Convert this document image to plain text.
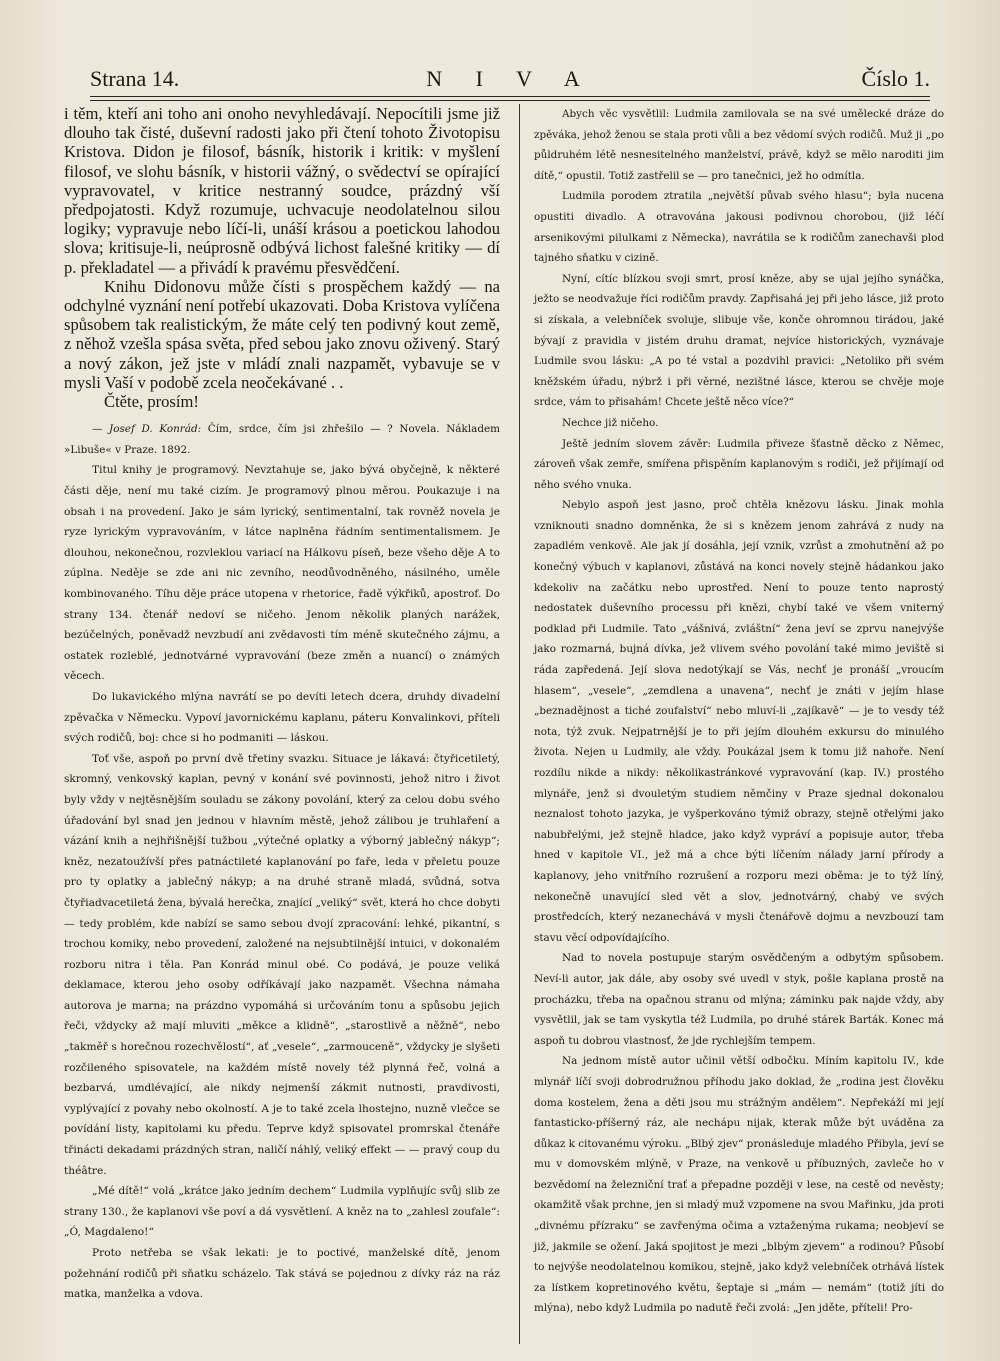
Strana 14.	N I V A	Číslo 1.

i těm, kteří ani toho ani onoho nevyhledávají. Nepocítili jsme již dlouho tak čisté, duševní radosti jako při čtení tohoto Životopisu Kristova. Didon je filosof, básník, historik i kritik: v myšlení filosof, ve slohu básník, v historii vážný, o svědectví se opírající vypravovatel, v kritice nestranný soudce, prázdný vší předpojatosti. Když rozumuje, uchvacuje neodolatelnou silou logiky; vypravuje nebo líčí-li, unáší krásou a poetickou lahodou slova; kritisuje-li, neúprosně odbývá lichost falešné kritiky — dí p. překladatel — a přivádí k pravému přesvědčení.

Knihu Didonovu může čísti s prospěchem každý — na odchylné vyznání není potřebí ukazovati. Doba Kristova vylíčena spůsobem tak realistickým, že máte celý ten podivný kout země, z něhož vzešla spása světa, před sebou jako znovu oživený. Starý a nový zákon, jež jste v mládí znali nazpamět, vybavuje se v mysli Vaší v podobě zcela neočekávané . .

Čtěte, prosím!

— Josef D. Konrád: Čím, srdce, čím jsi zhřešilo — ? Novela. Nákladem »Libuše« v Praze. 1892.

Titul knihy je programový. Nevztahuje se, jako bývá obyčejně, k některé části děje, není mu také cizím. Je programový plnou měrou. Poukazuje i na obsah i na provedení. Jako je sám lyrický, sentimentalní, tak rovněž novela je ryze lyrickým vypravováním, v látce naplněna řádním sentimentalismem. Je dlouhou, nekonečnou, rozvleklou variací na Hálkovu píseň, beze všeho děje A to zúplna. Neděje se zde ani nic zevního, neodůvodněného, násilného, uměle kombinovaného. Tíhu děje práce utopena v rhetorice, řadě výkřiků, apostrof. Do strany 134. čtenář nedoví se ničeho. Jenom několik planých narážek, bezúčelných, poněvadž nevzbudí ani zvědavosti tím méně skutečného zájmu, a ostatek rozleblé, jednotvárné vypravování (beze změn a nuancí) o známých věcech.

Do lukavického mlýna navrátí se po devíti letech dcera, druhdy divadelní zpěvačka v Německu. Vypoví javornickému kaplanu, páteru Konvalinkovi, příteli svých rodičů, boj: chce si ho podmaniti — láskou.

Toť vše, aspoň po první dvě třetiny svazku. Situace je lákavá: čtyřicetiletý, skromný, venkovský kaplan, pevný v konání své povinnosti, jehož nitro i život byly vždy v nejtěsnějším souladu se zákony povolání, který za celou dobu svého úřadování byl snad jen jednou v hlavním městě, jehož zálibou je truhlaření a vázání knih a nejhřišnější tužbou „výtečné oplatky a výborný jablečný nákyp“; kněz, nezatoužívší přes patnáctileté kaplanování po faře, leda v přeletu pouze pro ty oplatky a jablečný nákyp; a na druhé straně mladá, svůdná, sotva čtyřiadvacetiletá žena, bývalá herečka, znající „veliký“ svět, která ho chce dobyti — tedy problém, kde nabízí se samo sebou dvojí zpracování: lehké, pikantní, s trochou komiky, nebo provedení, založené na nejsubtilnější intuici, v dokonalém rozboru nitra i těla. Pan Konrád minul obé. Co podává, je pouze veliká deklamace, kterou jeho osoby odříkávají jako nazpamět. Všechna námaha autorova je marna; na prázdno vypomáhá si určováním tonu a spůsobu jejich řeči, vždycky až mají mluviti „měkce a klidně“, „starostlivě a něžně“, nebo „takměř s horečnou rozechvělostí“, ať „vesele“, „zarmouceně“, vždycky je slyšeti rozčileného spisovatele, na každém místě novely též plynná řeč, volná a bezbarvá, umdlévající, ale nikdy nejmenší zákmit nutnosti, pravdivosti, vyplývající z povahy nebo okolností. A je to také zcela lhostejno, nuzně vlečce se povídání listy, kapitolami ku předu. Teprve když spisovatel promrskal čtenáře třinácti dekadami prázdných stran, naličí náhlý, veliký effekt — — pravý coup du théâtre.

„Mé dítě!“ volá „krátce jako jedním dechem“ Ludmila vyplňujíc svůj slib ze strany 130., že kaplanovi vše poví a dá vysvětlení. A kněz na to „zahlesl zoufale“: „Ó, Magdaleno!“

Proto netřeba se však lekati: je to poctivé, manželské dítě, jenom požehnání rodičů při sňatku scházelo. Tak stává se pojednou z dívky ráz na ráz matka, manželka a vdova.

Abych věc vysvětlil: Ludmila zamilovala se na své umělecké dráze do zpěváka, jehož ženou se stala proti vůli a bez vědomí svých rodičů. Muž ji „po půldruhém létě nesnesitelného manželství, právě, když se mělo naroditi jim dítě,“ opustil. Totiž zastřelil se — pro tanečnici, jež ho odmítla.

Ludmila porodem ztratila „největší půvab svého hlasu“; byla nucena opustiti divadlo. A otravována jakousi podivnou chorobou, (již léčí arsenikovými pilulkami z Německa), navrátila se k rodičům zanechavši plod tajného sňatku v cizině.

Nyní, cítíc blízkou svoji smrt, prosí kněze, aby se ujal jejího synáčka, ježto se neodvažuje říci rodičům pravdy. Zapřisahá jej při jeho lásce, již proto si získala, a velebníček svoluje, slibuje vše, konče ohromnou tirádou, jaké bývají z pravidla v jistém druhu dramat, nejvíce historických, vyznávaje Ludmile svou lásku: „A po té vstal a pozdvihl pravici: „Netoliko při svém kněžském úřadu, nýbrž i při věrné, nezištné lásce, kterou se chvěje moje srdce, vám to přisahám! Chcete ještě něco více?“

Nechce již ničeho.

Ještě jedním slovem závěr: Ludmila přiveze šťastně děcko z Němec, zároveň však zemře, smířena přispěním kaplanovým s rodiči, jež přijímají od něho svého vnuka.

Nebylo aspoň jest jasno, proč chtěla knězovu lásku. Jinak mohla vzniknouti snadno domněnka, že si s knězem jenom zahrává z nudy na zapadlém venkově. Ale jak jí dosáhla, její vznik, vzrůst a zmohutnění až po konečný výbuch v kaplanovi, zůstává na konci novely stejně hádankou jako kdekoliv na začátku nebo uprostřed. Není to pouze tento naprostý nedostatek duševního processu při knězi, chybí také ve všem vniterný podklad při Ludmile. Tato „vášnivá, zvláštní“ žena jeví se zprvu nanejvýše jako rozmarná, bujná dívka, jež vlivem svého povolání také mimo jeviště si ráda zapředená. Její slova nedotýkají se Vás, nechť je pronáší „vroucím hlasem“, „vesele“, „zemdlena a unavena“, nechť je znáti v jejím hlase „beznadějnost a tiché zoufalství“ nebo mluví-li „zajíkavě“ — je to vesdy též nota, týž zvuk. Nejpatrnější je to při jejím dlouhém exkursu do minulého života. Nejen u Ludmily, ale vždy. Poukázal jsem k tomu již nahoře. Není rozdílu nikde a nikdy: několikastránkové vypravování (kap. IV.) prostého mlynáře, jenž si dvouletým studiem němčiny v Praze sjednal dokonalou neznalost tohoto jazyka, je vyšperkováno týmiž obrazy, stejně otřelými jako nabubřelými, jež stejně hladce, jako když vypráví a popisuje autor, třeba hned v kapitole VI., jež má a chce býti líčením nálady jarní přírody a kaplanovy, jeho vnitřního rozrušení a rozporu mezi oběma: je to týž líný, nekonečně unavující sled vět a slov, jednotvárný, chabý ve svých prostředcích, který nezanechává v mysli čtenářově dojmu a nevzbouzí tam stavu věcí odpovídajícího.

Nad to novela postupuje starým osvědčeným a odbytým spůsobem. Neví-li autor, jak dále, aby osoby své uvedl v styk, pošle kaplana prostě na procházku, třeba na opačnou stranu od mlýna; záminku pak najde vždy, aby vysvětlil, jak se tam vyskytla též Ludmila, po druhé stárek Barták. Konec má aspoň tu dobrou vlastnosť, že jde rychlejším tempem.

Na jednom místě autor učinil větší odbočku. Míním kapitolu IV., kde mlynář líčí svoji dobrodružnou příhodu jako doklad, že „rodina jest člověku doma kostelem, žena a děti jsou mu strážným andělem“. Nepřekáží mi její fantasticko-příšerný ráz, ale nechápu nijak, kterak může být uváděna za důkaz k citovanému výroku. „Blbý zjev“ pronásleduje mladého Přibyla, jeví se mu v domovském mlýně, v Praze, na venkově u příbuzných, zavleče ho v bezvědomí na železniční trať a přepadne později v lese, na cestě od nevěsty; okamžitě však prchne, jen si mladý muž vzpomene na svou Mařinku, jda proti „divnému přízraku“ se zavřenýma očima a vztaženýma rukama; neobjeví se již, jakmile se ožení. Jaká spojitost je mezi „blbým zjevem“ a rodinou? Působí to nejvýše neodolatelnou komikou, stejně, jako když velebníček otrhává lístek za lístkem kopretinového květu, šeptaje si „mám — nemám“ (totiž jíti do mlýna), nebo když Ludmila po nadutě řeči zvolá: „Jen jděte, příteli! Pro-
